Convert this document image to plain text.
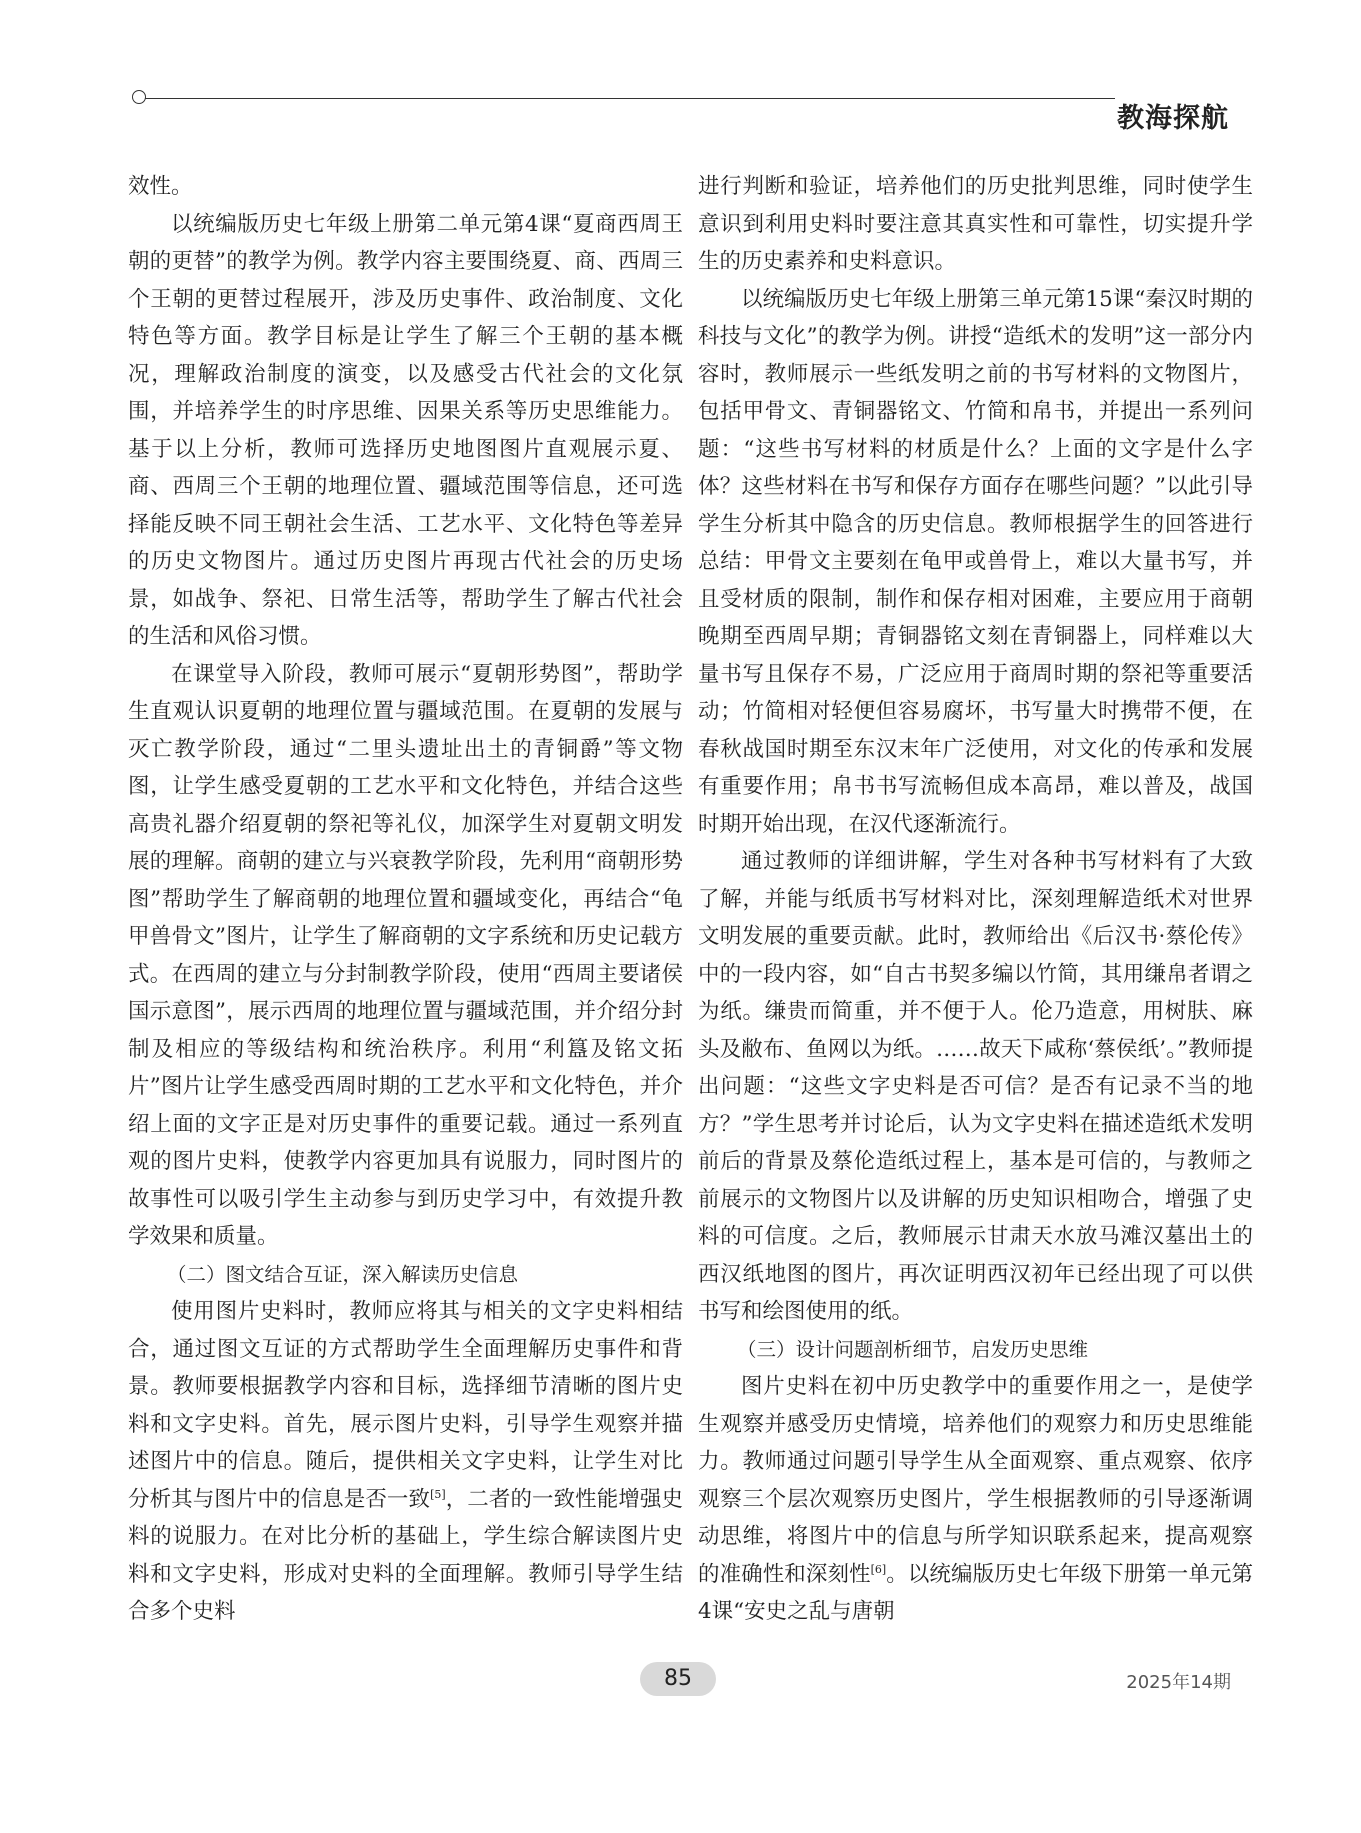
教海探航

效性。

以统编版历史七年级上册第二单元第4课“夏商西周王朝的更替”的教学为例。教学内容主要围绕夏、商、西周三个王朝的更替过程展开，涉及历史事件、政治制度、文化特色等方面。教学目标是让学生了解三个王朝的基本概况，理解政治制度的演变，以及感受古代社会的文化氛围，并培养学生的时序思维、因果关系等历史思维能力。基于以上分析，教师可选择历史地图图片直观展示夏、商、西周三个王朝的地理位置、疆域范围等信息，还可选择能反映不同王朝社会生活、工艺水平、文化特色等差异的历史文物图片。通过历史图片再现古代社会的历史场景，如战争、祭祀、日常生活等，帮助学生了解古代社会的生活和风俗习惯。

在课堂导入阶段，教师可展示“夏朝形势图”，帮助学生直观认识夏朝的地理位置与疆域范围。在夏朝的发展与灭亡教学阶段，通过“二里头遗址出土的青铜爵”等文物图，让学生感受夏朝的工艺水平和文化特色，并结合这些高贵礼器介绍夏朝的祭祀等礼仪，加深学生对夏朝文明发展的理解。商朝的建立与兴衰教学阶段，先利用“商朝形势图”帮助学生了解商朝的地理位置和疆域变化，再结合“龟甲兽骨文”图片，让学生了解商朝的文字系统和历史记载方式。在西周的建立与分封制教学阶段，使用“西周主要诸侯国示意图”，展示西周的地理位置与疆域范围，并介绍分封制及相应的等级结构和统治秩序。利用“利簋及铭文拓片”图片让学生感受西周时期的工艺水平和文化特色，并介绍上面的文字正是对历史事件的重要记载。通过一系列直观的图片史料，使教学内容更加具有说服力，同时图片的故事性可以吸引学生主动参与到历史学习中，有效提升教学效果和质量。

（二）图文结合互证，深入解读历史信息

使用图片史料时，教师应将其与相关的文字史料相结合，通过图文互证的方式帮助学生全面理解历史事件和背景。教师要根据教学内容和目标，选择细节清晰的图片史料和文字史料。首先，展示图片史料，引导学生观察并描述图片中的信息。随后，提供相关文字史料，让学生对比分析其与图片中的信息是否一致[5]，二者的一致性能增强史料的说服力。在对比分析的基础上，学生综合解读图片史料和文字史料，形成对史料的全面理解。教师引导学生结合多个史料

进行判断和验证，培养他们的历史批判思维，同时使学生意识到利用史料时要注意其真实性和可靠性，切实提升学生的历史素养和史料意识。

以统编版历史七年级上册第三单元第15课“秦汉时期的科技与文化”的教学为例。讲授“造纸术的发明”这一部分内容时，教师展示一些纸发明之前的书写材料的文物图片，包括甲骨文、青铜器铭文、竹简和帛书，并提出一系列问题：“这些书写材料的材质是什么？上面的文字是什么字体？这些材料在书写和保存方面存在哪些问题？”以此引导学生分析其中隐含的历史信息。教师根据学生的回答进行总结：甲骨文主要刻在龟甲或兽骨上，难以大量书写，并且受材质的限制，制作和保存相对困难，主要应用于商朝晚期至西周早期；青铜器铭文刻在青铜器上，同样难以大量书写且保存不易，广泛应用于商周时期的祭祀等重要活动；竹简相对轻便但容易腐坏，书写量大时携带不便，在春秋战国时期至东汉末年广泛使用，对文化的传承和发展有重要作用；帛书书写流畅但成本高昂，难以普及，战国时期开始出现，在汉代逐渐流行。

通过教师的详细讲解，学生对各种书写材料有了大致了解，并能与纸质书写材料对比，深刻理解造纸术对世界文明发展的重要贡献。此时，教师给出《后汉书·蔡伦传》中的一段内容，如“自古书契多编以竹简，其用缣帛者谓之为纸。缣贵而简重，并不便于人。伦乃造意，用树肤、麻头及敝布、鱼网以为纸。……故天下咸称‘蔡侯纸’。”教师提出问题：“这些文字史料是否可信？是否有记录不当的地方？”学生思考并讨论后，认为文字史料在描述造纸术发明前后的背景及蔡伦造纸过程上，基本是可信的，与教师之前展示的文物图片以及讲解的历史知识相吻合，增强了史料的可信度。之后，教师展示甘肃天水放马滩汉墓出土的西汉纸地图的图片，再次证明西汉初年已经出现了可以供书写和绘图使用的纸。

（三）设计问题剖析细节，启发历史思维

图片史料在初中历史教学中的重要作用之一，是使学生观察并感受历史情境，培养他们的观察力和历史思维能力。教师通过问题引导学生从全面观察、重点观察、依序观察三个层次观察历史图片，学生根据教师的引导逐渐调动思维，将图片中的信息与所学知识联系起来，提高观察的准确性和深刻性[6]。以统编版历史七年级下册第一单元第4课“安史之乱与唐朝

85	2025年14期
